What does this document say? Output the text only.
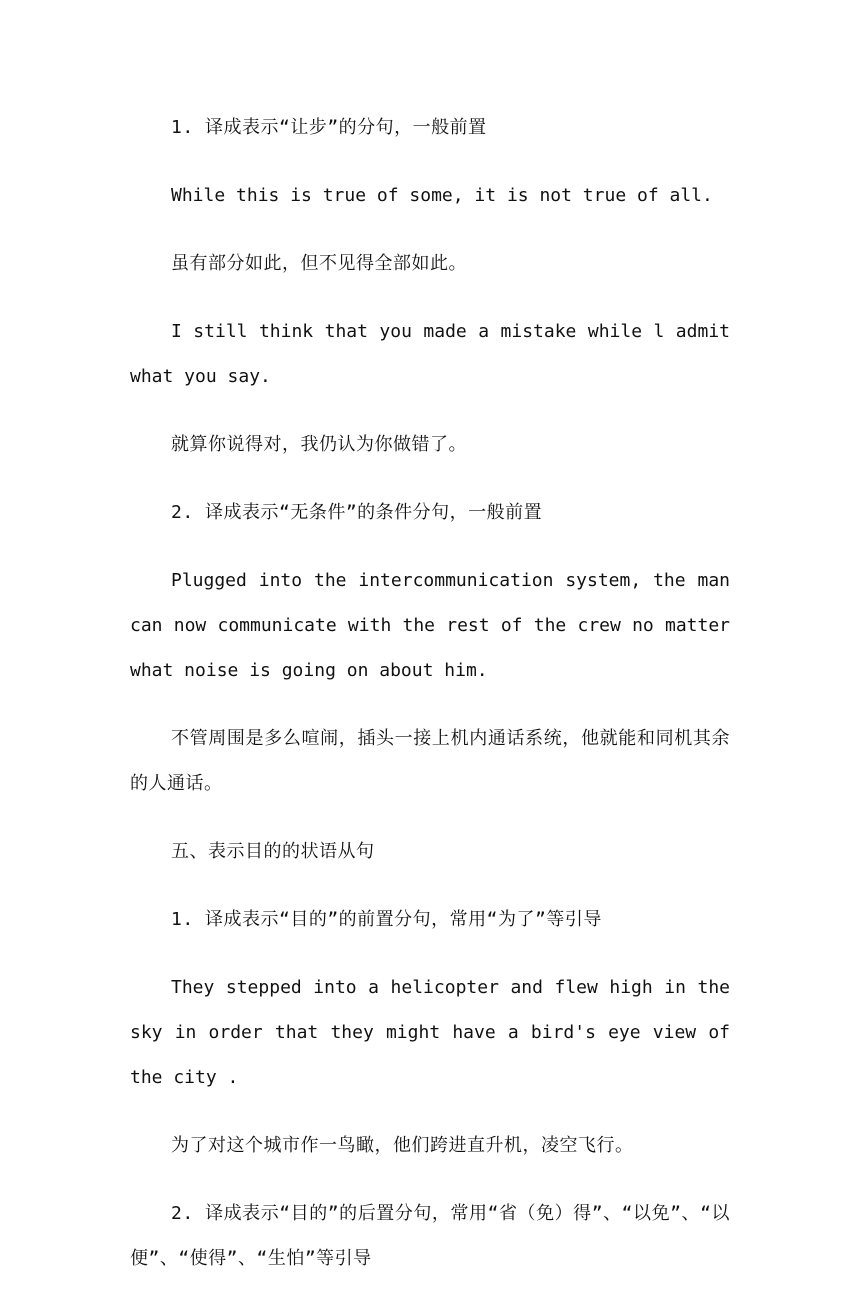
1. 译成表示“让步”的分句，一般前置

While this is true of some, it is not true of all.

虽有部分如此，但不见得全部如此。

I still think that you made a mistake while l admit what you say.

就算你说得对，我仍认为你做错了。

2. 译成表示“无条件”的条件分句，一般前置

Plugged into the intercommunication system, the man can now communicate with the rest of the crew no matter what noise is going on about him.

不管周围是多么喧闹，插头一接上机内通话系统，他就能和同机其余的人通话。

五、表示目的的状语从句

1. 译成表示“目的”的前置分句，常用“为了”等引导

They stepped into a helicopter and flew high in the sky in order that they might have a bird's eye view of the city .

为了对这个城市作一鸟瞰，他们跨进直升机，凌空飞行。

2. 译成表示“目的”的后置分句，常用“省（免）得”、“以免”、“以便”、“使得”、“生怕”等引导
